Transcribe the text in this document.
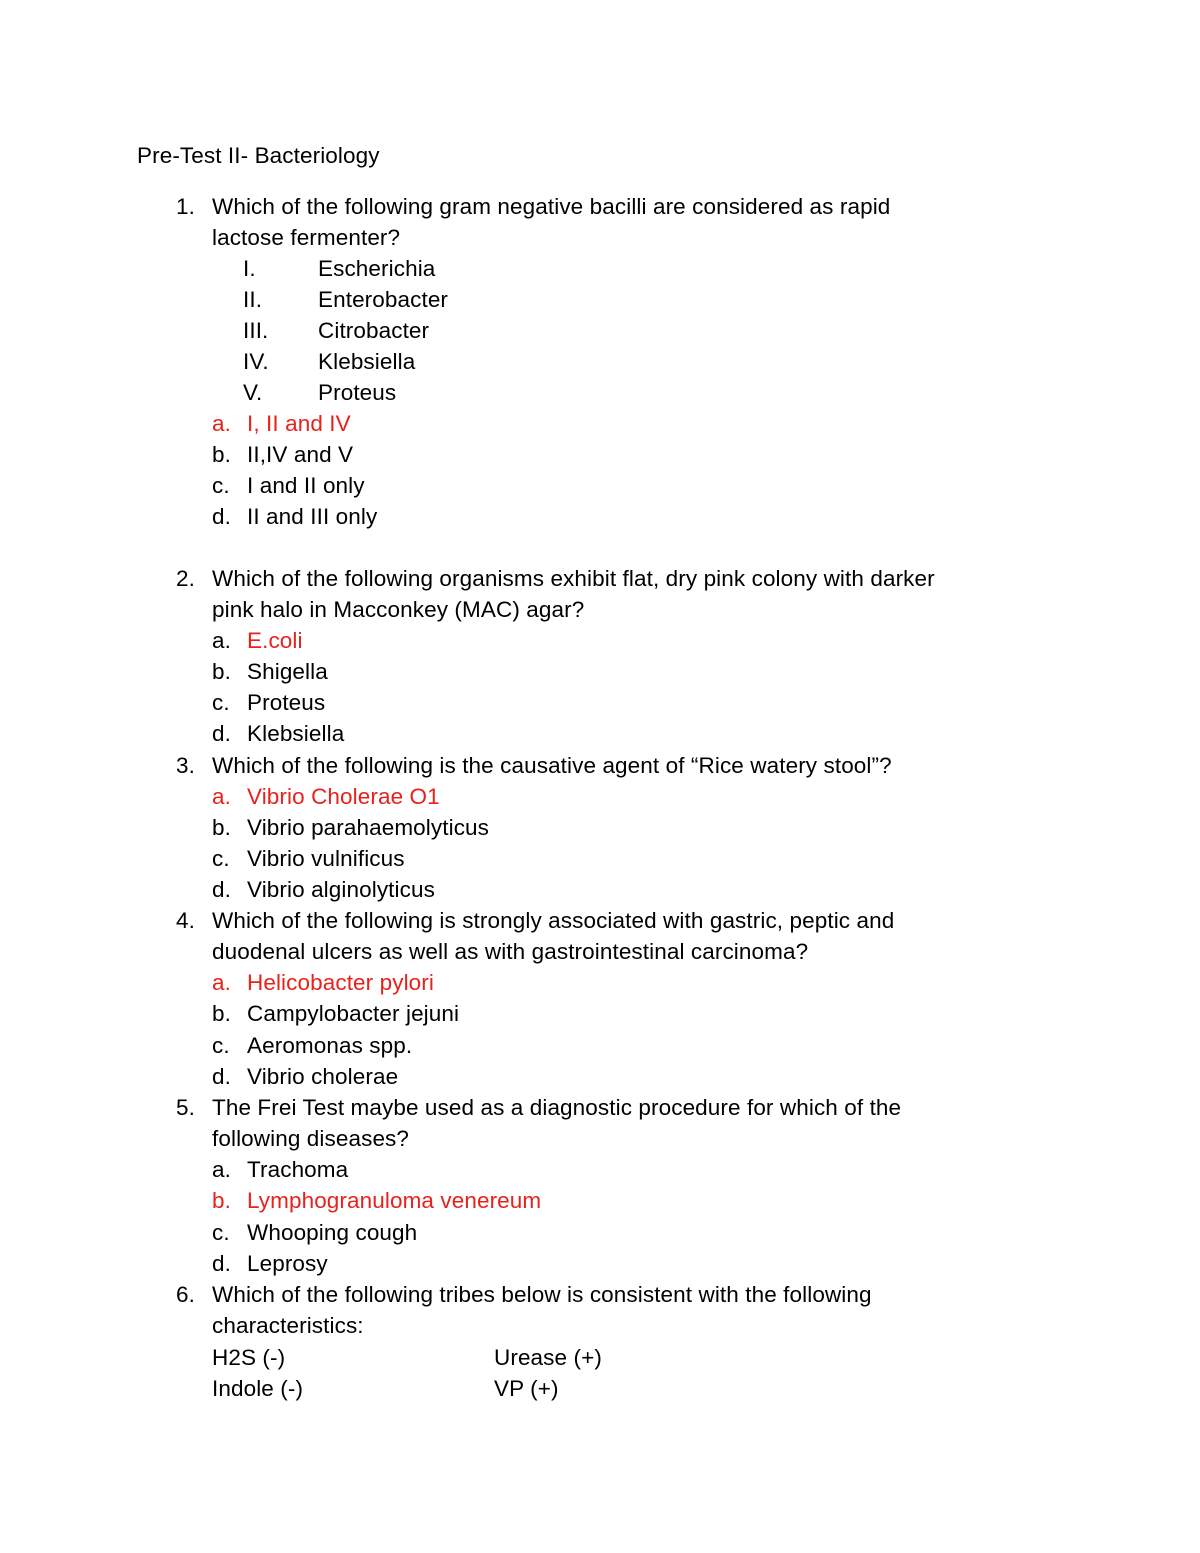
Pre-Test II- Bacteriology
1. Which of the following gram negative bacilli are considered as rapid
lactose fermenter?
I.	Escherichia
II. Enterobacter
III. Citrobacter
IV. Klebsiella
V. Proteus
a. I, II and IV
b. II,IV and V
c. I and II only
d. II and III only
2. Which of the following organisms exhibit flat, dry pink colony with darker
pink halo in Macconkey (MAC) agar?
a. E.coli
b. Shigella
c. Proteus
d. Klebsiella
3. Which of the following is the causative agent of “Rice watery stool”?
a. Vibrio Cholerae O1
b. Vibrio parahaemolyticus
c. Vibrio vulnificus
d. Vibrio alginolyticus
4. Which of the following is strongly associated with gastric, peptic and
duodenal ulcers as well as with gastrointestinal carcinoma?
a. Helicobacter pylori
b. Campylobacter jejuni
c. Aeromonas spp.
d. Vibrio cholerae
5. The Frei Test maybe used as a diagnostic procedure for which of the
following diseases?
a. Trachoma
b. Lymphogranuloma venereum
c. Whooping cough
d. Leprosy
6. Which of the following tribes below is consistent with the following
characteristics:
H2S (-)	Urease (+)
Indole (-)	VP (+)
